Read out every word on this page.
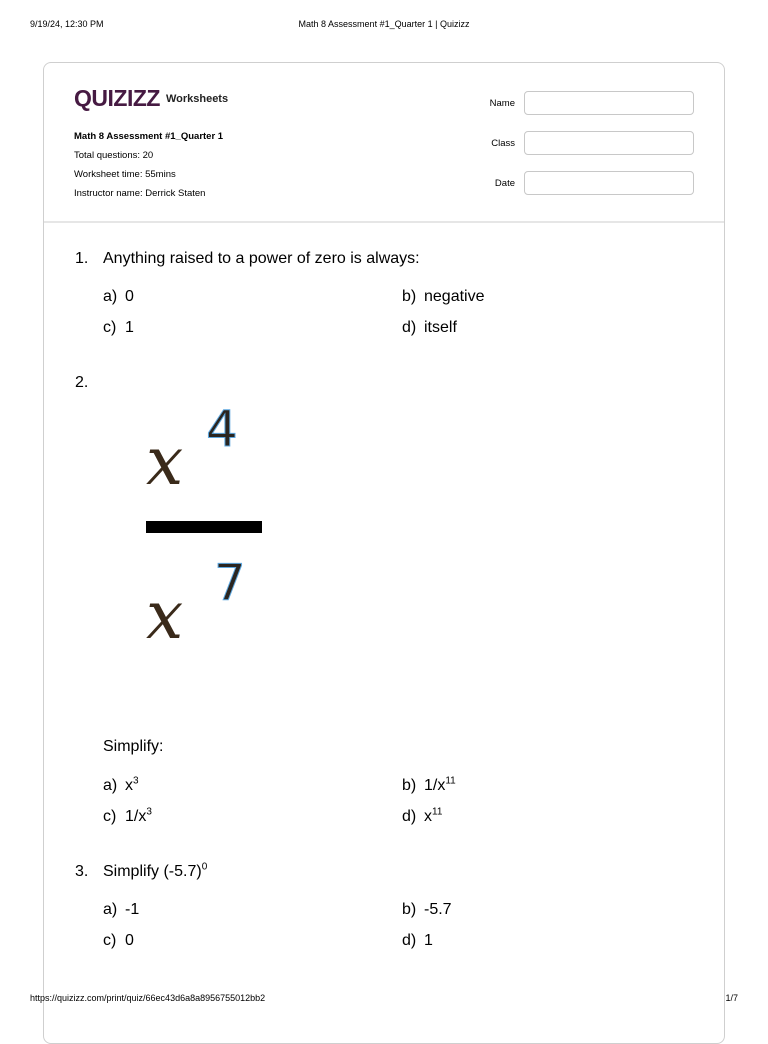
9/19/24, 12:30 PM	Math 8 Assessment #1_Quarter 1 | Quizizz
QUIZIZZ Worksheets
Math 8 Assessment #1_Quarter 1
Total questions: 20
Worksheet time: 55mins
Instructor name: Derrick Staten
Name
Class
Date
1. Anything raised to a power of zero is always:
a) 0	b) negative
c) 1	d) itself
2.
x 4
x 7
Simplify:
a) $x^3$	b) $1/x^{11}$
c) $1/x^3$	d) $x^{11}$
3. Simplify $(-5.7)^0$
a) -1	b) -5.7
c) 0	d) 1
https://quizizz.com/print/quiz/66ec43d6a8a8956755012bb2	1/7
